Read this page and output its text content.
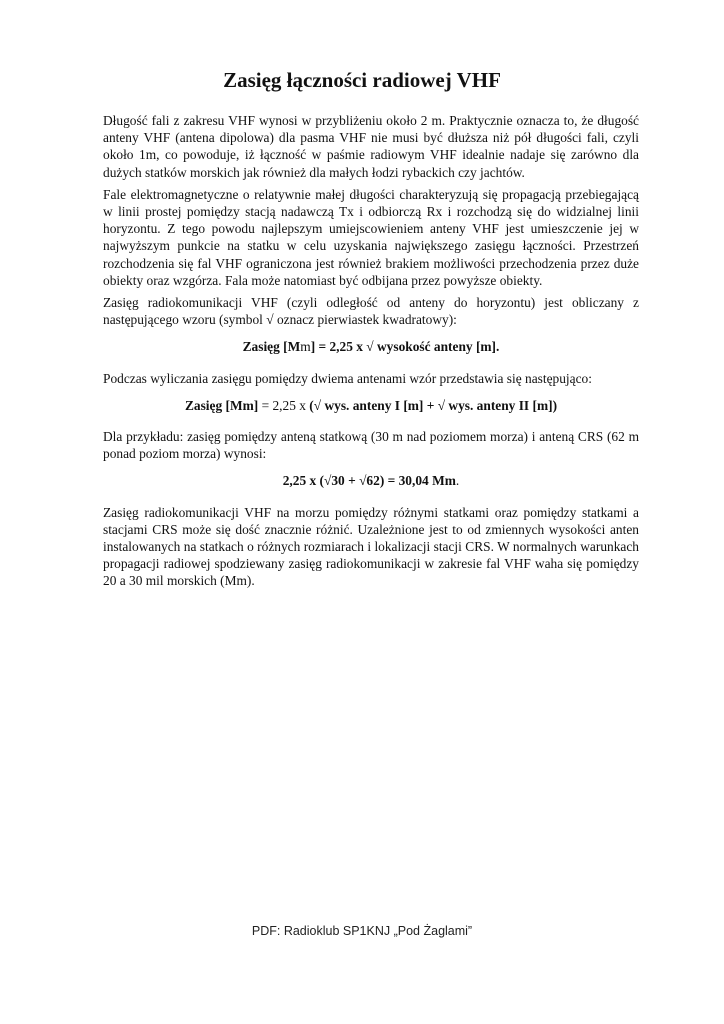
Zasięg łączności radiowej VHF

Długość fali z zakresu VHF wynosi w przybliżeniu około 2 m. Praktycznie oznacza to, że długość anteny VHF (antena dipolowa) dla pasma VHF nie musi być dłuższa niż pół długości fali, czyli około 1m, co powoduje, iż łączność w paśmie radiowym VHF idealnie nadaje się zarówno dla dużych statków morskich jak również dla małych łodzi rybackich czy jachtów.

Fale elektromagnetyczne o relatywnie małej długości charakteryzują się propagacją przebiegającą w linii prostej pomiędzy stacją nadawczą Tx i odbiorczą Rx i rozchodzą się do widzialnej linii horyzontu. Z tego powodu najlepszym umiejscowieniem anteny VHF jest umieszczenie jej w najwyższym punkcie na statku w celu uzyskania największego zasięgu łączności. Przestrzeń rozchodzenia się fal VHF ograniczona jest również brakiem możliwości przechodzenia przez duże obiekty oraz wzgórza. Fala może natomiast być odbijana przez powyższe obiekty.

Zasięg radiokomunikacji VHF (czyli odległość od anteny do horyzontu) jest obliczany z następującego wzoru (symbol √ oznacz pierwiastek kwadratowy):

Zasięg [Mm] = 2,25 x √ wysokość anteny [m].

Podczas wyliczania zasięgu pomiędzy dwiema antenami wzór przedstawia się następująco:

Zasięg [Mm] = 2,25 x (√ wys. anteny I [m] + √ wys. anteny II [m])

Dla przykładu: zasięg pomiędzy anteną statkową (30 m nad poziomem morza) i anteną CRS (62 m ponad poziom morza) wynosi:

2,25 x (√30 + √62) = 30,04 Mm.

Zasięg radiokomunikacji VHF na morzu pomiędzy różnymi statkami oraz pomiędzy statkami a stacjami CRS może się dość znacznie różnić. Uzależnione jest to od zmiennych wysokości anten instalowanych na statkach o różnych rozmiarach i lokalizacji stacji CRS. W normalnych warunkach propagacji radiowej spodziewany zasięg radiokomunikacji w zakresie fal VHF waha się pomiędzy 20 a 30 mil morskich (Mm).

PDF: Radioklub SP1KNJ „Pod Żaglami”
